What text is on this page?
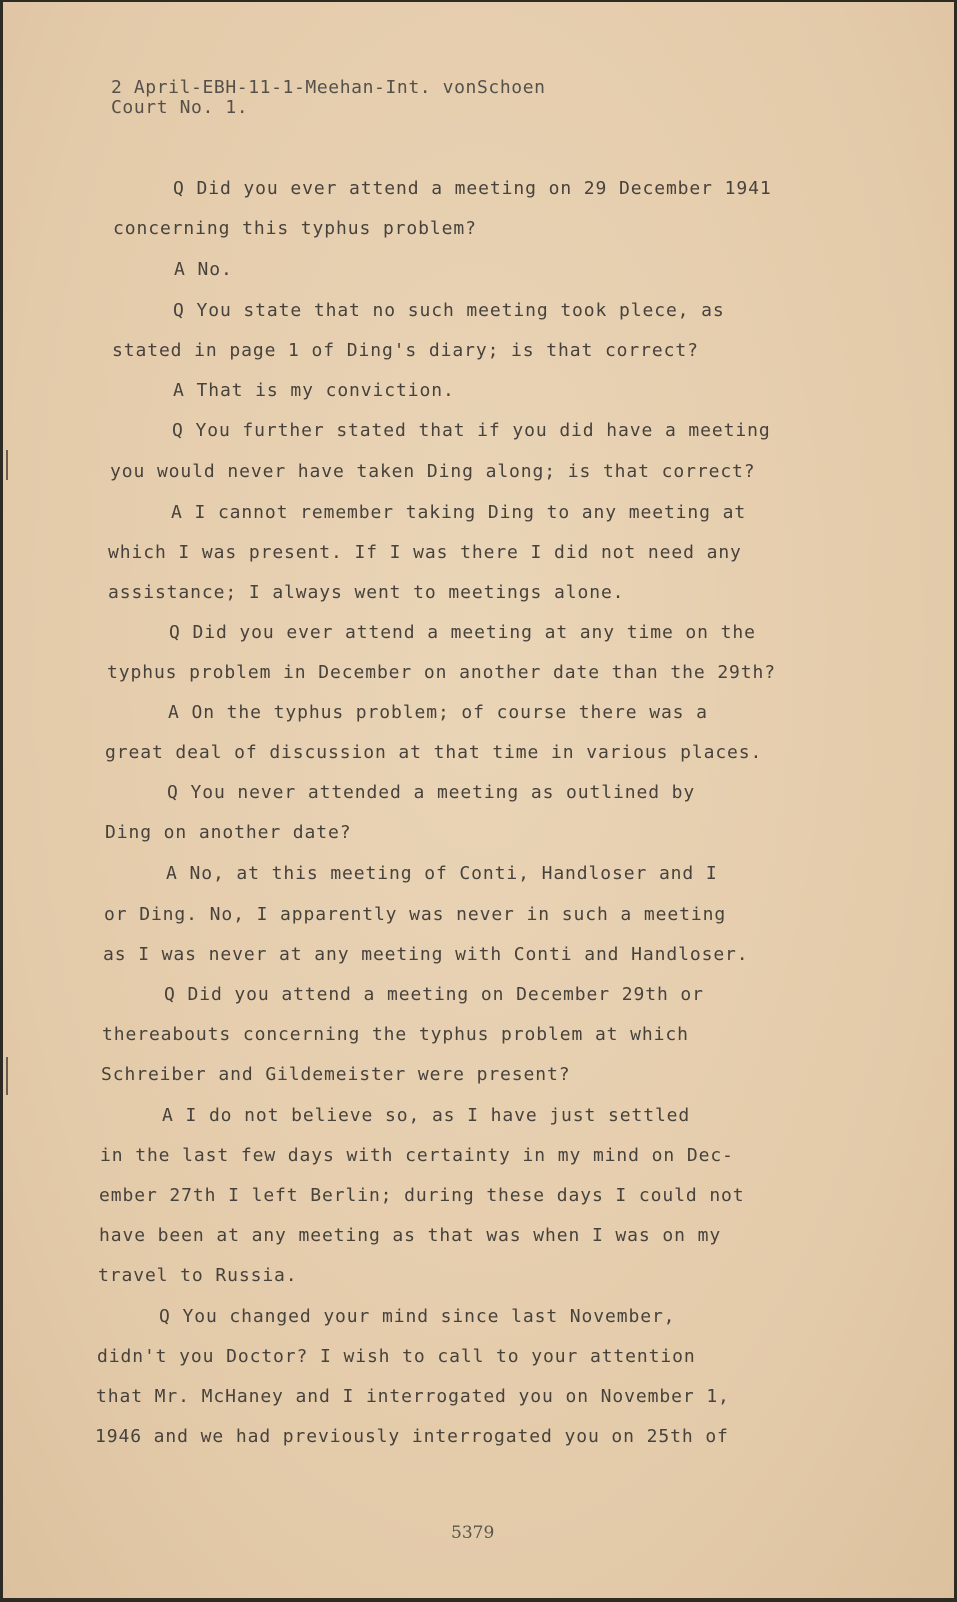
2 April-EBH-11-1-Meehan-Int. vonSchoen
Court No. 1.
Q Did you ever attend a meeting on 29 December 1941
concerning this typhus problem?
A No.
Q You state that no such meeting took plece, as
stated in page 1 of Ding's diary; is that correct?
A That is my conviction.
Q You further stated that if you did have a meeting
you would never have taken Ding along; is that correct?
A I cannot remember taking Ding to any meeting at
which I was present. If I was there I did not need any
assistance; I always went to meetings alone.
Q Did you ever attend a meeting at any time on the
typhus problem in December on another date than the 29th?
A On the typhus problem; of course there was a
great deal of discussion at that time in various places.
Q You never attended a meeting as outlined by
Ding on another date?
A No, at this meeting of Conti, Handloser and I
or Ding. No, I apparently was never in such a meeting
as I was never at any meeting with Conti and Handloser.
Q Did you attend a meeting on December 29th or
thereabouts concerning the typhus problem at which
Schreiber and Gildemeister were present?
A I do not believe so, as I have just settled
in the last few days with certainty in my mind on Dec-
ember 27th I left Berlin; during these days I could not
have been at any meeting as that was when I was on my
travel to Russia.
Q You changed your mind since last November,
didn't you Doctor? I wish to call to your attention
that Mr. McHaney and I interrogated you on November 1,
1946 and we had previously interrogated you on 25th of
5379
